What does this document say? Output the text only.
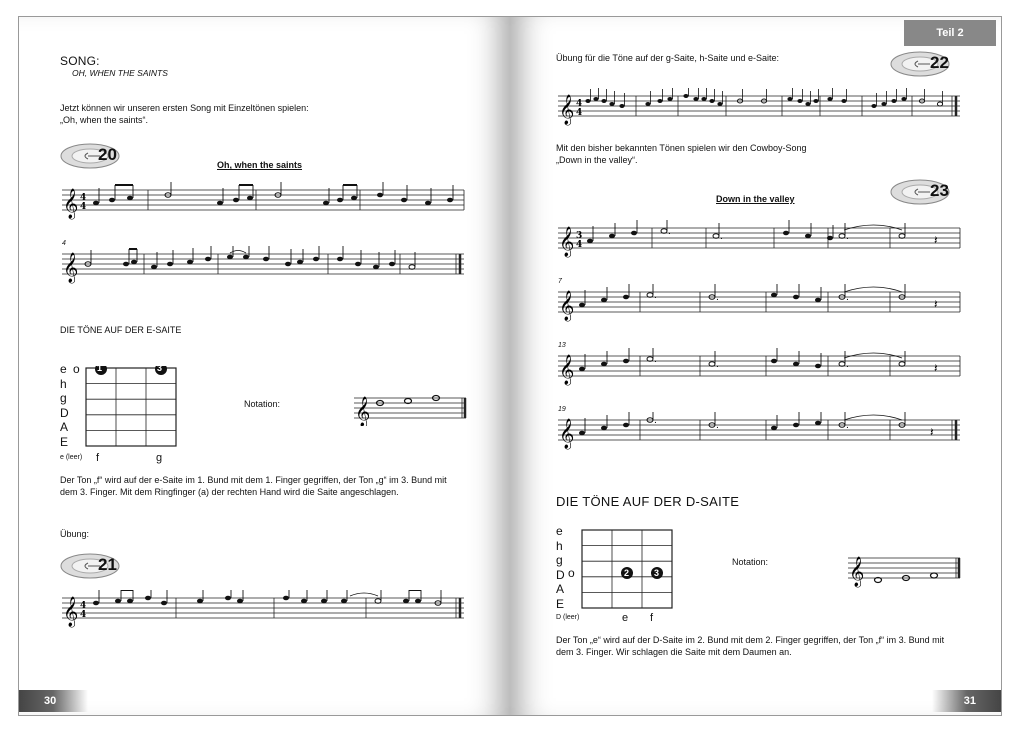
SONG:
OH, WHEN THE SAINTS
Jetzt können wir unseren ersten Song mit Einzeltönen spielen:
„Oh, when the saints“.
20
Oh, when the saints
𝄞 4
4
4
𝄞
DIE TÖNE AUF DER E-SAITE
e
h
g
D
A
E
o 1	3
e (leer) f	g
Notation:	𝄞
Der Ton „f“ wird auf der e-Saite im 1. Bund mit dem 1. Finger gegriffen, der Ton „g“ im 3. Bund mit
dem 3. Finger. Mit dem Ringfinger (a) der rechten Hand wird die Saite angeschlagen.
Übung:
21
𝄞 4
4
30
Teil 2
Übung für die Töne auf der g-Saite, h-Saite und e-Saite:	22
𝄞 4
4
Mit den bisher bekannten Tönen spielen wir den Cowboy-Song
„Down in the valley“.
Down in the valley	23
𝄞 3
4
.	.	.	𝄽
7
𝄞	.	.	.	𝄽
13
𝄞	.	.	.	𝄽
19
𝄞	.	.	.	𝄽
DIE TÖNE AUF DER D-SAITE
e
h
g
D
A
E
o	2	3
D (leer)	e f
Notation:	𝄞
Der Ton „e“ wird auf der D-Saite im 2. Bund mit dem 2. Finger gegriffen, der Ton „f“ im 3. Bund mit
dem 3. Finger. Wir schlagen die Saite mit dem Daumen an.
31
